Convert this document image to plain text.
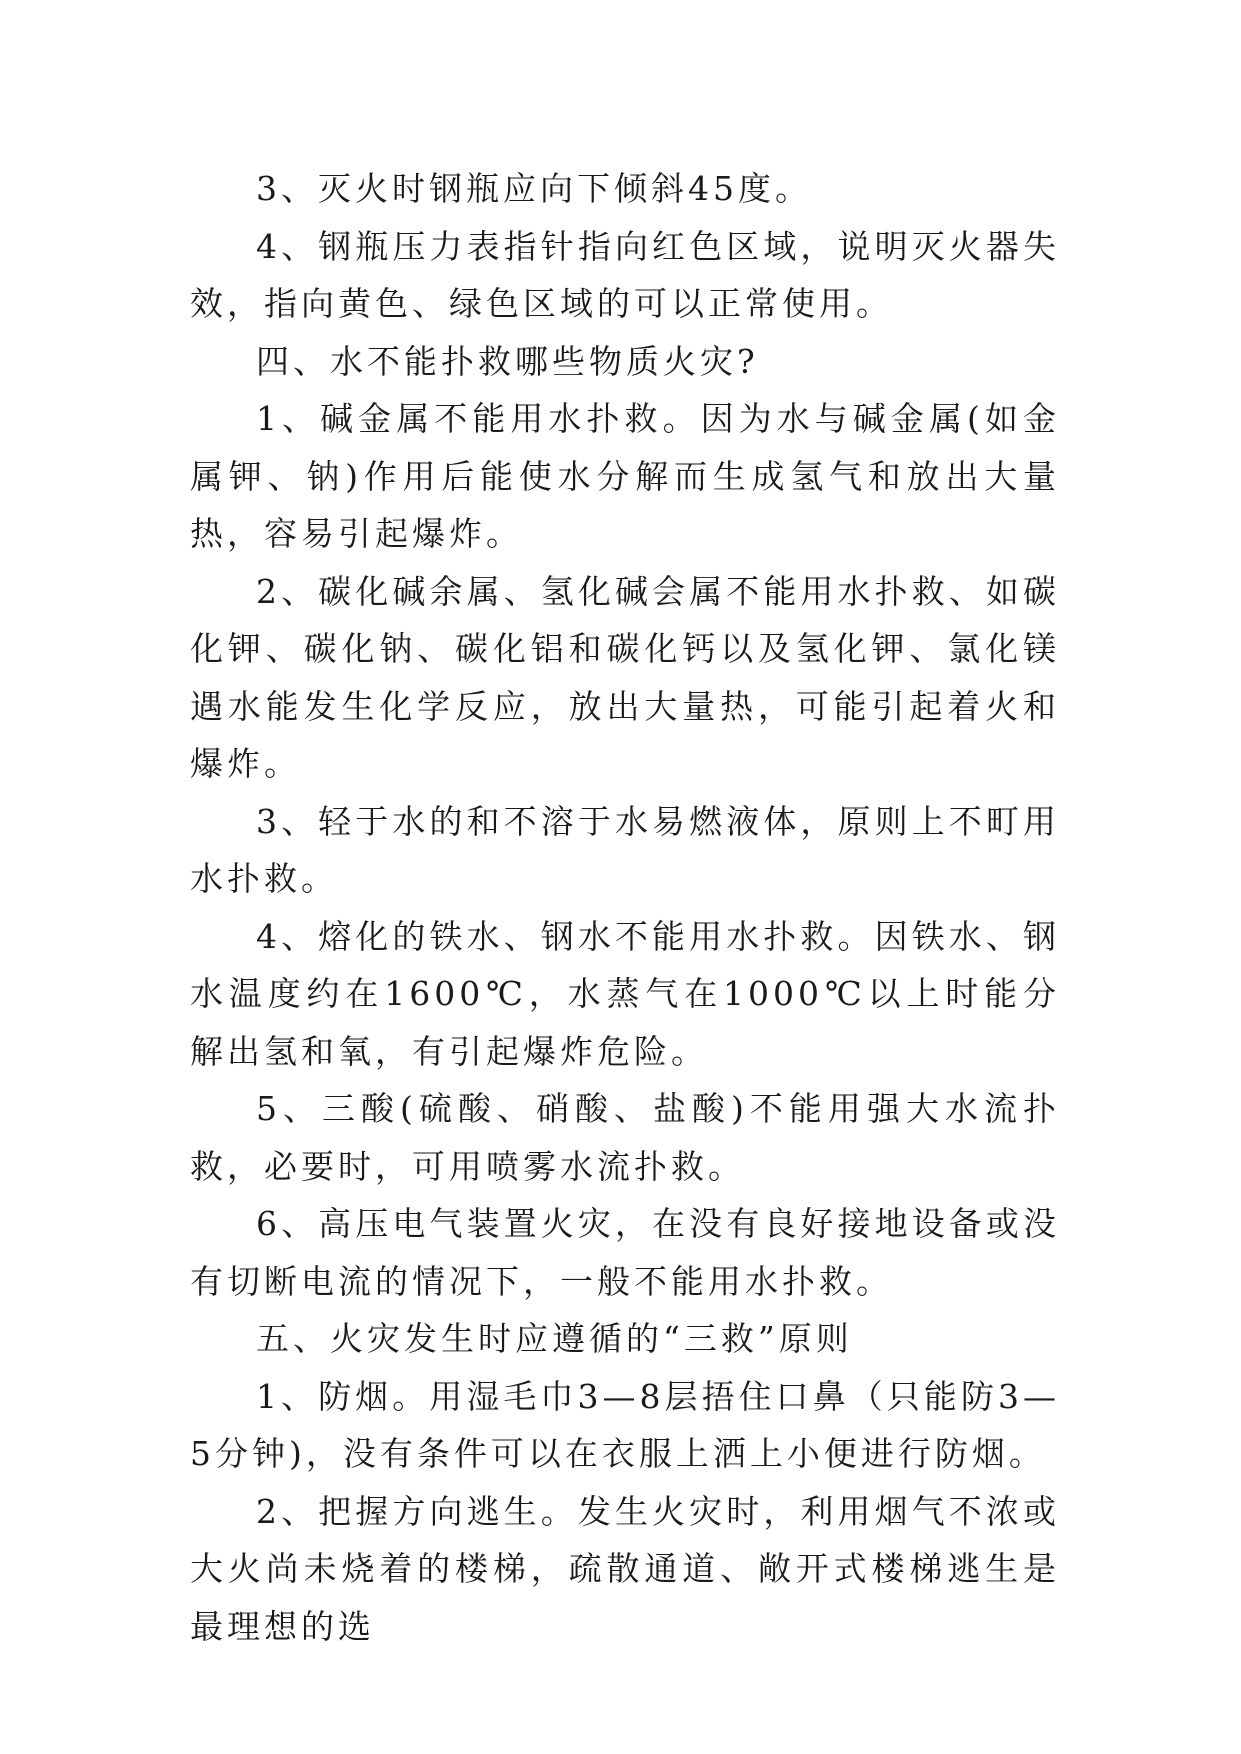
3、灭火时钢瓶应向下倾斜45度。

4、钢瓶压力表指针指向红色区域，说明灭火器失效，指向黄色、绿色区域的可以正常使用。

四、水不能扑救哪些物质火灾?

1、碱金属不能用水扑救。因为水与碱金属(如金属钾、钠)作用后能使水分解而生成氢气和放出大量热，容易引起爆炸。

2、碳化碱余属、氢化碱会属不能用水扑救、如碳化钾、碳化钠、碳化铝和碳化钙以及氢化钾、氯化镁遇水能发生化学反应，放出大量热，可能引起着火和爆炸。

3、轻于水的和不溶于水易燃液体，原则上不町用水扑救。

4、熔化的铁水、钢水不能用水扑救。因铁水、钢水温度约在1600℃，水蒸气在1000℃以上时能分解出氢和氧，有引起爆炸危险。

5、三酸(硫酸、硝酸、盐酸)不能用强大水流扑救，必要时，可用喷雾水流扑救。

6、高压电气装置火灾，在没有良好接地设备或没有切断电流的情况下，一般不能用水扑救。

五、火灾发生时应遵循的“三救”原则

1、防烟。用湿毛巾3—8层捂住口鼻（只能防3—5分钟)，没有条件可以在衣服上洒上小便进行防烟。

2、把握方向逃生。发生火灾时，利用烟气不浓或大火尚未烧着的楼梯，疏散通道、敞开式楼梯逃生是最理想的选
